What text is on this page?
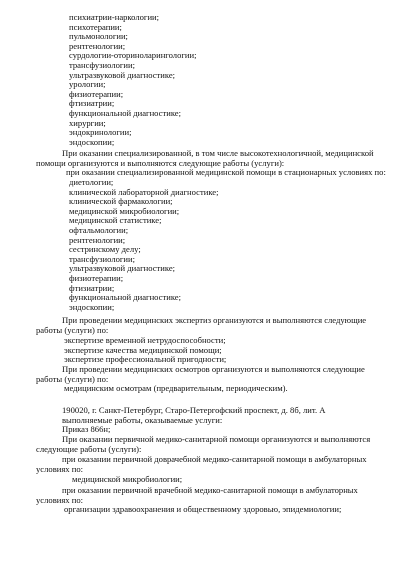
психиатрии-наркологии;
психотерапии;
пульмонологии;
рентгенологии;
сурдологии-оториноларингологии;
трансфузиологии;
ультразвуковой диагностике;
урологии;
физиотерапии;
фтизиатрии;
функциональной диагностике;
хирургии;
эндокринологии;
эндоскопии;
При оказании специализированной, в том числе высокотехнологичной, медицинской
помощи организуются и выполняются следующие работы (услуги):
при оказании специализированной медицинской помощи в стационарных условиях по:
диетологии;
клинической лабораторной диагностике;
клинической фармакологии;
медицинской микробиологии;
медицинской статистике;
офтальмологии;
рентгенологии;
сестринскому делу;
трансфузиологии;
ультразвуковой диагностике;
физиотерапии;
фтизиатрии;
функциональной диагностике;
эндоскопии;
При проведении медицинских экспертиз организуются и выполняются следующие
работы (услуги) по:
экспертизе временной нетрудоспособности;
экспертизе качества медицинской помощи;
экспертизе профессиональной пригодности;
При проведении медицинских осмотров организуются и выполняются следующие
работы (услуги) по:
медицинским осмотрам (предварительным, периодическим).
190020, г. Санкт-Петербург, Старо-Петергофский проспект, д. 8б, лит. А
выполняемые работы, оказываемые услуги:
Приказ 866н;
При оказании первичной медико-санитарной помощи организуются и выполняются
следующие работы (услуги):
при оказании первичной доврачебной медико-санитарной помощи в амбулаторных
условиях по:
медицинской микробиологии;
при оказании первичной врачебной медико-санитарной помощи в амбулаторных
условиях по:
организации здравоохранения и общественному здоровью, эпидемиологии;
